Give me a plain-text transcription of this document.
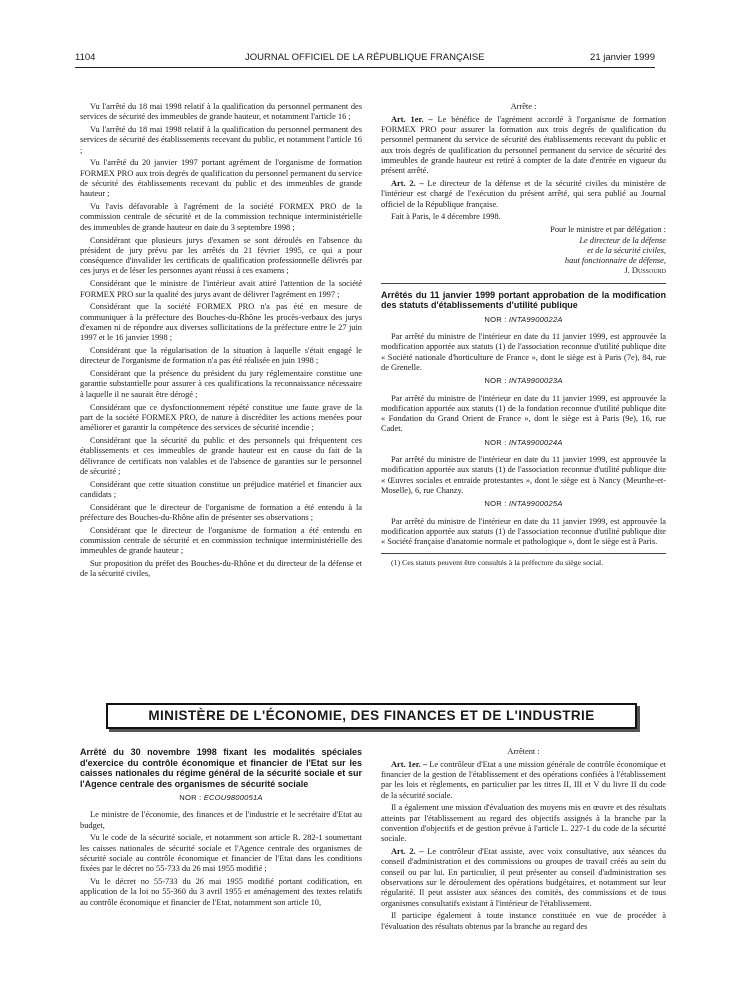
1104	JOURNAL OFFICIEL DE LA RÉPUBLIQUE FRANÇAISE	21 janvier 1999

Vu l'arrêté du 18 mai 1998 relatif à la qualification du personnel permanent des services de sécurité des immeubles de grande hauteur, et notamment l'article 16 ;

Vu l'arrêté du 18 mai 1998 relatif à la qualification du personnel permanent des services de sécurité des établissements recevant du public, et notamment l'article 16 ;

Vu l'arrêté du 20 janvier 1997 portant agrément de l'organisme de formation FORMEX PRO aux trois degrés de qualification du personnel permanent du service de sécurité des établissements recevant du public et des immeubles de grande hauteur ;

Vu l'avis défavorable à l'agrément de la société FORMEX PRO de la commission centrale de sécurité et de la commission technique interministérielle des immeubles de grande hauteur en date du 3 septembre 1998 ;

Considérant que plusieurs jurys d'examen se sont déroulés en l'absence du président de jury prévu par les arrêtés du 21 février 1995, ce qui a pour conséquence d'invalider les certificats de qualification professionnelle délivrés par ces jurys et de léser les personnes ayant réussi à ces examens ;

Considérant que le ministre de l'intérieur avait attiré l'attention de la société FORMEX PRO sur la qualité des jurys avant de délivrer l'agrément en 1997 ;

Considérant que la société FORMEX PRO n'a pas été en mesure de communiquer à la préfecture des Bouches-du-Rhône les procès-verbaux des jurys d'examen ni de répondre aux diverses sollicitations de la préfecture entre le 27 juin 1997 et le 16 janvier 1998 ;

Considérant que la régularisation de la situation à laquelle s'était engagé le directeur de l'organisme de formation n'a pas été réalisée en juin 1998 ;

Considérant que la présence du président du jury réglementaire constitue une garantie substantielle pour assurer à ces qualifications la reconnaissance nécessaire à laquelle il ne saurait être dérogé ;

Considérant que ce dysfonctionnement répété constitue une faute grave de la part de la société FORMEX PRO, de nature à discréditer les actions menées pour améliorer et garantir la compétence des services de sécurité incendie ;

Considérant que la sécurité du public et des personnels qui fréquentent ces établissements et ces immeubles de grande hauteur est en cause du fait de la délivrance de certificats non valables et de l'absence de garanties sur le personnel de sécurité ;

Considérant que cette situation constitue un préjudice matériel et financier aux candidats ;

Considérant que le directeur de l'organisme de formation a été entendu à la préfecture des Bouches-du-Rhône afin de présenter ses observations ;

Considérant que le directeur de l'organisme de formation a été entendu en commission centrale de sécurité et en commission technique interministérielle des immeubles de grande hauteur ;

Sur proposition du préfet des Bouches-du-Rhône et du directeur de la défense et de la sécurité civiles,

Arrête :

Art. 1er. – Le bénéfice de l'agrément accordé à l'organisme de formation FORMEX PRO pour assurer la formation aux trois degrés de qualification du personnel permanent du service de sécurité des établissements recevant du public et aux trois degrés de qualification du personnel permanent du service de sécurité des immeubles de grande hauteur est retiré à compter de la date d'entrée en vigueur du présent arrêté.

Art. 2. – Le directeur de la défense et de la sécurité civiles du ministère de l'intérieur est chargé de l'exécution du présent arrêté, qui sera publié au Journal officiel de la République française.

Fait à Paris, le 4 décembre 1998.

Pour le ministre et par délégation :

Le directeur de la défense

et de la sécurité civiles,

haut fonctionnaire de défense,

J. Dussourd

Arrêtés du 11 janvier 1999 portant approbation de la modification des statuts d'établissements d'utilité publique
NOR : INTA9900022A

Par arrêté du ministre de l'intérieur en date du 11 janvier 1999, est approuvée la modification apportée aux statuts (1) de l'association reconnue d'utilité publique dite « Société nationale d'horticulture de France », dont le siège est à Paris (7e), 84, rue de Grenelle.

NOR : INTA9900023A

Par arrêté du ministre de l'intérieur en date du 11 janvier 1999, est approuvée la modification apportée aux statuts (1) de la fondation reconnue d'utilité publique dite « Fondation du Grand Orient de France », dont le siège est à Paris (9e), 16, rue Cadet.

NOR : INTA9900024A

Par arrêté du ministre de l'intérieur en date du 11 janvier 1999, est approuvée la modification apportée aux statuts (1) de l'association reconnue d'utilité publique dite « Œuvres sociales et entraide protestantes », dont le siège est à Nancy (Meurthe-et-Moselle), 6, rue Chanzy.

NOR : INTA9900025A

Par arrêté du ministre de l'intérieur en date du 11 janvier 1999, est approuvée la modification apportée aux statuts (1) de l'association reconnue d'utilité publique dite « Société française d'anatomie normale et pathologique », dont le siège est à Paris.

(1) Ces statuts peuvent être consultés à la préfecture du siège social.

MINISTÈRE DE L'ÉCONOMIE, DES FINANCES ET DE L'INDUSTRIE
Arrêté du 30 novembre 1998 fixant les modalités spéciales d'exercice du contrôle économique et financier de l'Etat sur les caisses nationales du régime général de la sécurité sociale et sur l'Agence centrale des organismes de sécurité sociale
NOR : ECOU9800051A

Le ministre de l'économie, des finances et de l'industrie et le secrétaire d'Etat au budget,

Vu le code de la sécurité sociale, et notamment son article R. 282-1 soumettant les caisses nationales de sécurité sociale et l'Agence centrale des organismes de sécurité sociale au contrôle économique et financier de l'Etat dans les conditions fixées par le décret no 55-733 du 26 mai 1955 modifié ;

Vu le décret no 55-733 du 26 mai 1955 modifié portant codification, en application de la loi no 55-360 du 3 avril 1955 et aménagement des textes relatifs au contrôle économique et financier de l'Etat, notamment son article 10,

Arrêtent :

Art. 1er. – Le contrôleur d'Etat a une mission générale de contrôle économique et financier de la gestion de l'établissement et des opérations confiées à l'établissement par les lois et règlements, en particulier par les titres II, III et V du livre II du code de la sécurité sociale.

Il a également une mission d'évaluation des moyens mis en œuvre et des résultats atteints par l'établissement au regard des objectifs assignés à la branche par la convention d'objectifs et de gestion prévue à l'article L. 227-1 du code de la sécurité sociale.

Art. 2. – Le contrôleur d'Etat assiste, avec voix consultative, aux séances du conseil d'administration et des commissions ou groupes de travail créés au sein du conseil ou par lui. En particulier, il peut présenter au conseil d'administration ses observations sur le déroulement des opérations budgétaires, et notamment sur leur régularité. Il peut assister aux séances des comités, des commissions et de tous organismes consultatifs existant à l'intérieur de l'établissement.

Il participe également à toute instance constituée en vue de procéder à l'évaluation des résultats obtenus par la branche au regard des
